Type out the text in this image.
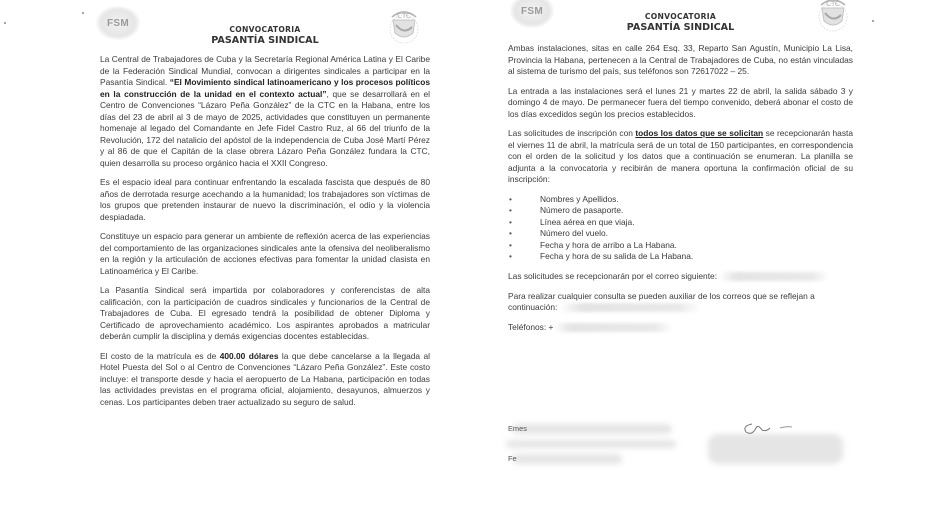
FSM
CONVOCATORIA
PASANTÍA SINDICAL
CTC

La Central de Trabajadores de Cuba y la Secretaría Regional América Latina y El Caribe de la Federación Sindical Mundial, convocan a dirigentes sindicales a participar en la Pasantía Sindical. “El Movimiento sindical latinoamericano y los procesos políticos en la construcción de la unidad en el contexto actual”, que se desarrollará en el Centro de Convenciones “Lázaro Peña González” de la CTC en la Habana, entre los días del 23 de abril al 3 de mayo de 2025, actividades que constituyen un permanente homenaje al legado del Comandante en Jefe Fidel Castro Ruz, al 66 del triunfo de la Revolución, 172 del natalicio del apóstol de la independencia de Cuba José Martí Pérez y al 86 de que el Capitán de la clase obrera Lázaro Peña González fundara la CTC, quien desarrolla su proceso orgánico hacia el XXII Congreso.

Es el espacio ideal para continuar enfrentando la escalada fascista que después de 80 años de derrotada resurge acechando a la humanidad; los trabajadores son víctimas de los grupos que pretenden instaurar de nuevo la discriminación, el odio y la violencia despiadada.

Constituye un espacio para generar un ambiente de reflexión acerca de las experiencias del comportamiento de las organizaciones sindicales ante la ofensiva del neoliberalismo en la región y la articulación de acciones efectivas para fomentar la unidad clasista en Latinoamérica y El Caribe.

La Pasantía Sindical será impartida por colaboradores y conferencistas de alta calificación, con la participación de cuadros sindicales y funcionarios de la Central de Trabajadores de Cuba. El egresado tendrá la posibilidad de obtener Diploma y Certificado de aprovechamiento académico. Los aspirantes aprobados a matricular deberán cumplir la disciplina y demás exigencias docentes establecidas.

El costo de la matrícula es de 400.00 dólares la que debe cancelarse a la llegada al Hotel Puesta del Sol o al Centro de Convenciones “Lázaro Peña González”. Este costo incluye: el transporte desde y hacia el aeropuerto de La Habana, participación en todas las actividades previstas en el programa oficial, alojamiento, desayunos, almuerzos y cenas. Los participantes deben traer actualizado su seguro de salud.

FSM	CONVOCATORIA
PASANTÍA SINDICAL
CTC

Ambas instalaciones, sitas en calle 264 Esq. 33, Reparto San Agustín, Municipio La Lisa, Provincia la Habana, pertenecen a la Central de Trabajadores de Cuba, no están vinculadas al sistema de turismo del país, sus teléfonos son 72617022 – 25.

La entrada a las instalaciones será el lunes 21 y martes 22 de abril, la salida sábado 3 y domingo 4 de mayo. De permanecer fuera del tiempo convenido, deberá abonar el costo de los días excedidos según los precios establecidos.

Las solicitudes de inscripción con todos los datos que se solicitan se recepcionarán hasta el viernes 11 de abril, la matrícula será de un total de 150 participantes, en correspondencia con el orden de la solicitud y los datos que a continuación se enumeran. La planilla se adjunta a la convocatoria y recibirán de manera oportuna la confirmación oficial de su inscripción:

• Nombres y Apellidos.
• Número de pasaporte.
• Línea aérea en que viaja.
• Número del vuelo.
• Fecha y hora de arribo a La Habana.
• Fecha y hora de su salida de La Habana.

Las solicitudes se recepcionarán por el correo siguiente:

Para realizar cualquier consulta se pueden auxiliar de los correos que se reflejan a continuación:

Teléfonos: +

Emes
Fe
